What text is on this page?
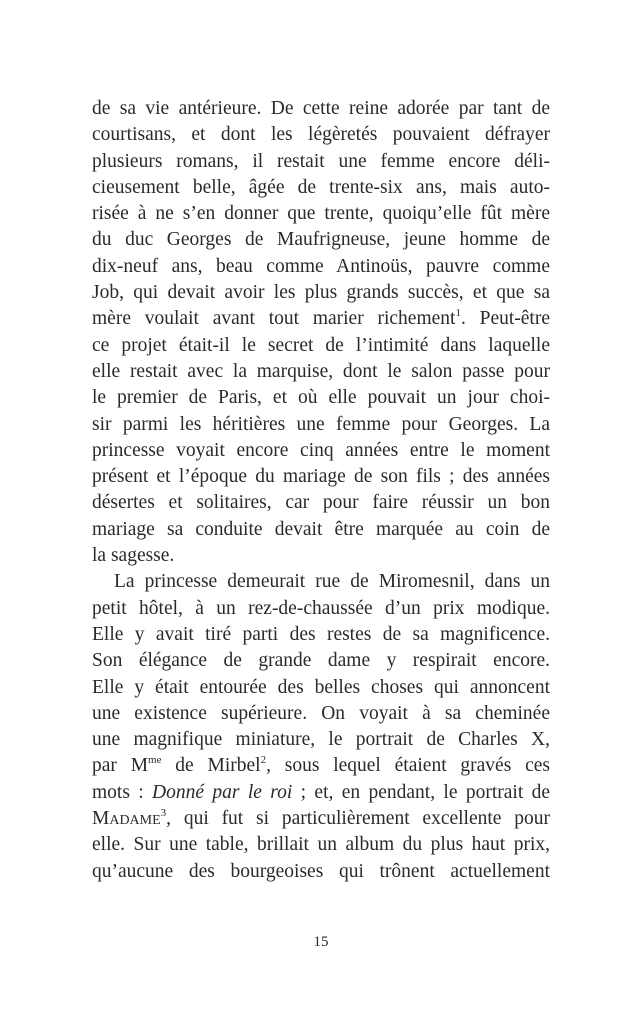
de sa vie antérieure. De cette reine adorée par tant de
courtisans, et dont les légèretés pouvaient défrayer
plusieurs romans, il restait une femme encore déli-
cieusement belle, âgée de trente-six ans, mais auto-
risée à ne s’en donner que trente, quoiqu’elle fût mère
du duc Georges de Maufrigneuse, jeune homme de
dix-neuf ans, beau comme Antinoüs, pauvre comme
Job, qui devait avoir les plus grands succès, et que sa
mère voulait avant tout marier richement$^1$. Peut-être
ce projet était-il le secret de l’intimité dans laquelle
elle restait avec la marquise, dont le salon passe pour
le premier de Paris, et où elle pouvait un jour choi-
sir parmi les héritières une femme pour Georges. La
princesse voyait encore cinq années entre le moment
présent et l’époque du mariage de son fils ; des années
désertes et solitaires, car pour faire réussir un bon
mariage sa conduite devait être marquée au coin de
la sagesse.
La princesse demeurait rue de Miromesnil, dans un
petit hôtel, à un rez-de-chaussée d’un prix modique.
Elle y avait tiré parti des restes de sa magnificence.
Son élégance de grande dame y respirait encore.
Elle y était entourée des belles choses qui annoncent
une existence supérieure. On voyait à sa cheminée
une magnifique miniature, le portrait de Charles X,
par $M^{me}$ de Mirbel$^2$, sous lequel étaient gravés ces
mots : Donné par le roi ; et, en pendant, le portrait de
Madame$^3$, qui fut si particulièrement excellente pour
elle. Sur une table, brillait un album du plus haut prix,
qu’aucune des bourgeoises qui trônent actuellement
15
